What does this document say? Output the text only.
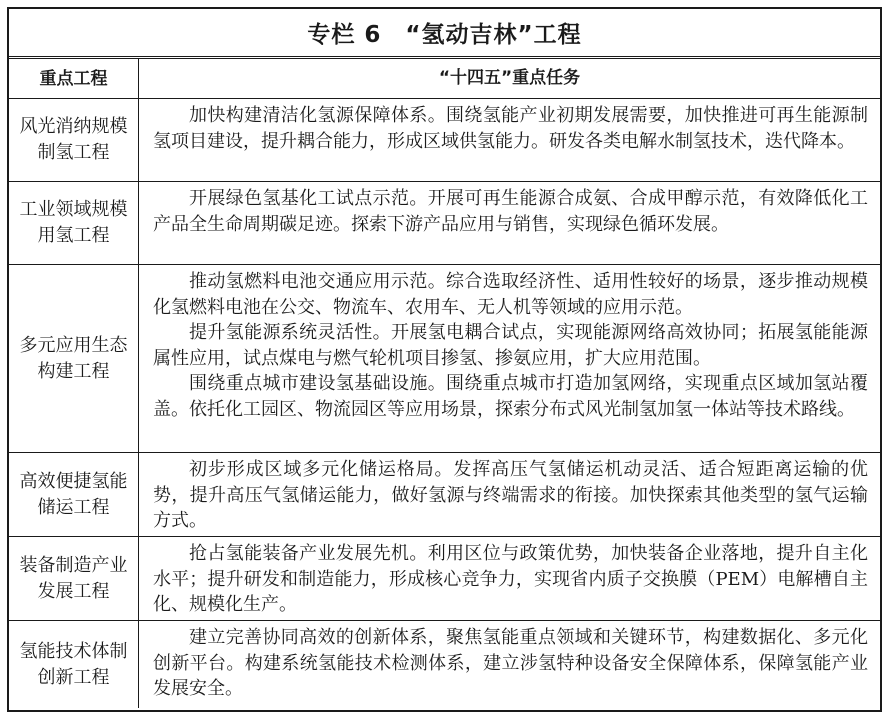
专栏 6　“氢动吉林”工程
重点工程	“十四五”重点任务
风光消纳规模制氢工程

加快构建清洁化氢源保障体系。围绕氢能产业初期发展需要，加快推进可再生能源制氢项目建设，提升耦合能力，形成区域供氢能力。研发各类电解水制氢技术，迭代降本。

工业领域规模用氢工程

开展绿色氢基化工试点示范。开展可再生能源合成氨、合成甲醇示范，有效降低化工产品全生命周期碳足迹。探索下游产品应用与销售，实现绿色循环发展。

多元应用生态构建工程

推动氢燃料电池交通应用示范。综合选取经济性、适用性较好的场景，逐步推动规模化氢燃料电池在公交、物流车、农用车、无人机等领域的应用示范。

提升氢能源系统灵活性。开展氢电耦合试点，实现能源网络高效协同；拓展氢能能源属性应用，试点煤电与燃气轮机项目掺氢、掺氨应用，扩大应用范围。

围绕重点城市建设氢基础设施。围绕重点城市打造加氢网络，实现重点区域加氢站覆盖。依托化工园区、物流园区等应用场景，探索分布式风光制氢加氢一体站等技术路线。

高效便捷氢能储运工程

初步形成区域多元化储运格局。发挥高压气氢储运机动灵活、适合短距离运输的优势，提升高压气氢储运能力，做好氢源与终端需求的衔接。加快探索其他类型的氢气运输方式。

装备制造产业发展工程

抢占氢能装备产业发展先机。利用区位与政策优势，加快装备企业落地，提升自主化水平；提升研发和制造能力，形成核心竞争力，实现省内质子交换膜（PEM）电解槽自主化、规模化生产。

氢能技术体制创新工程

建立完善协同高效的创新体系，聚焦氢能重点领域和关键环节，构建数据化、多元化创新平台。构建系统氢能技术检测体系，建立涉氢特种设备安全保障体系，保障氢能产业发展安全。
